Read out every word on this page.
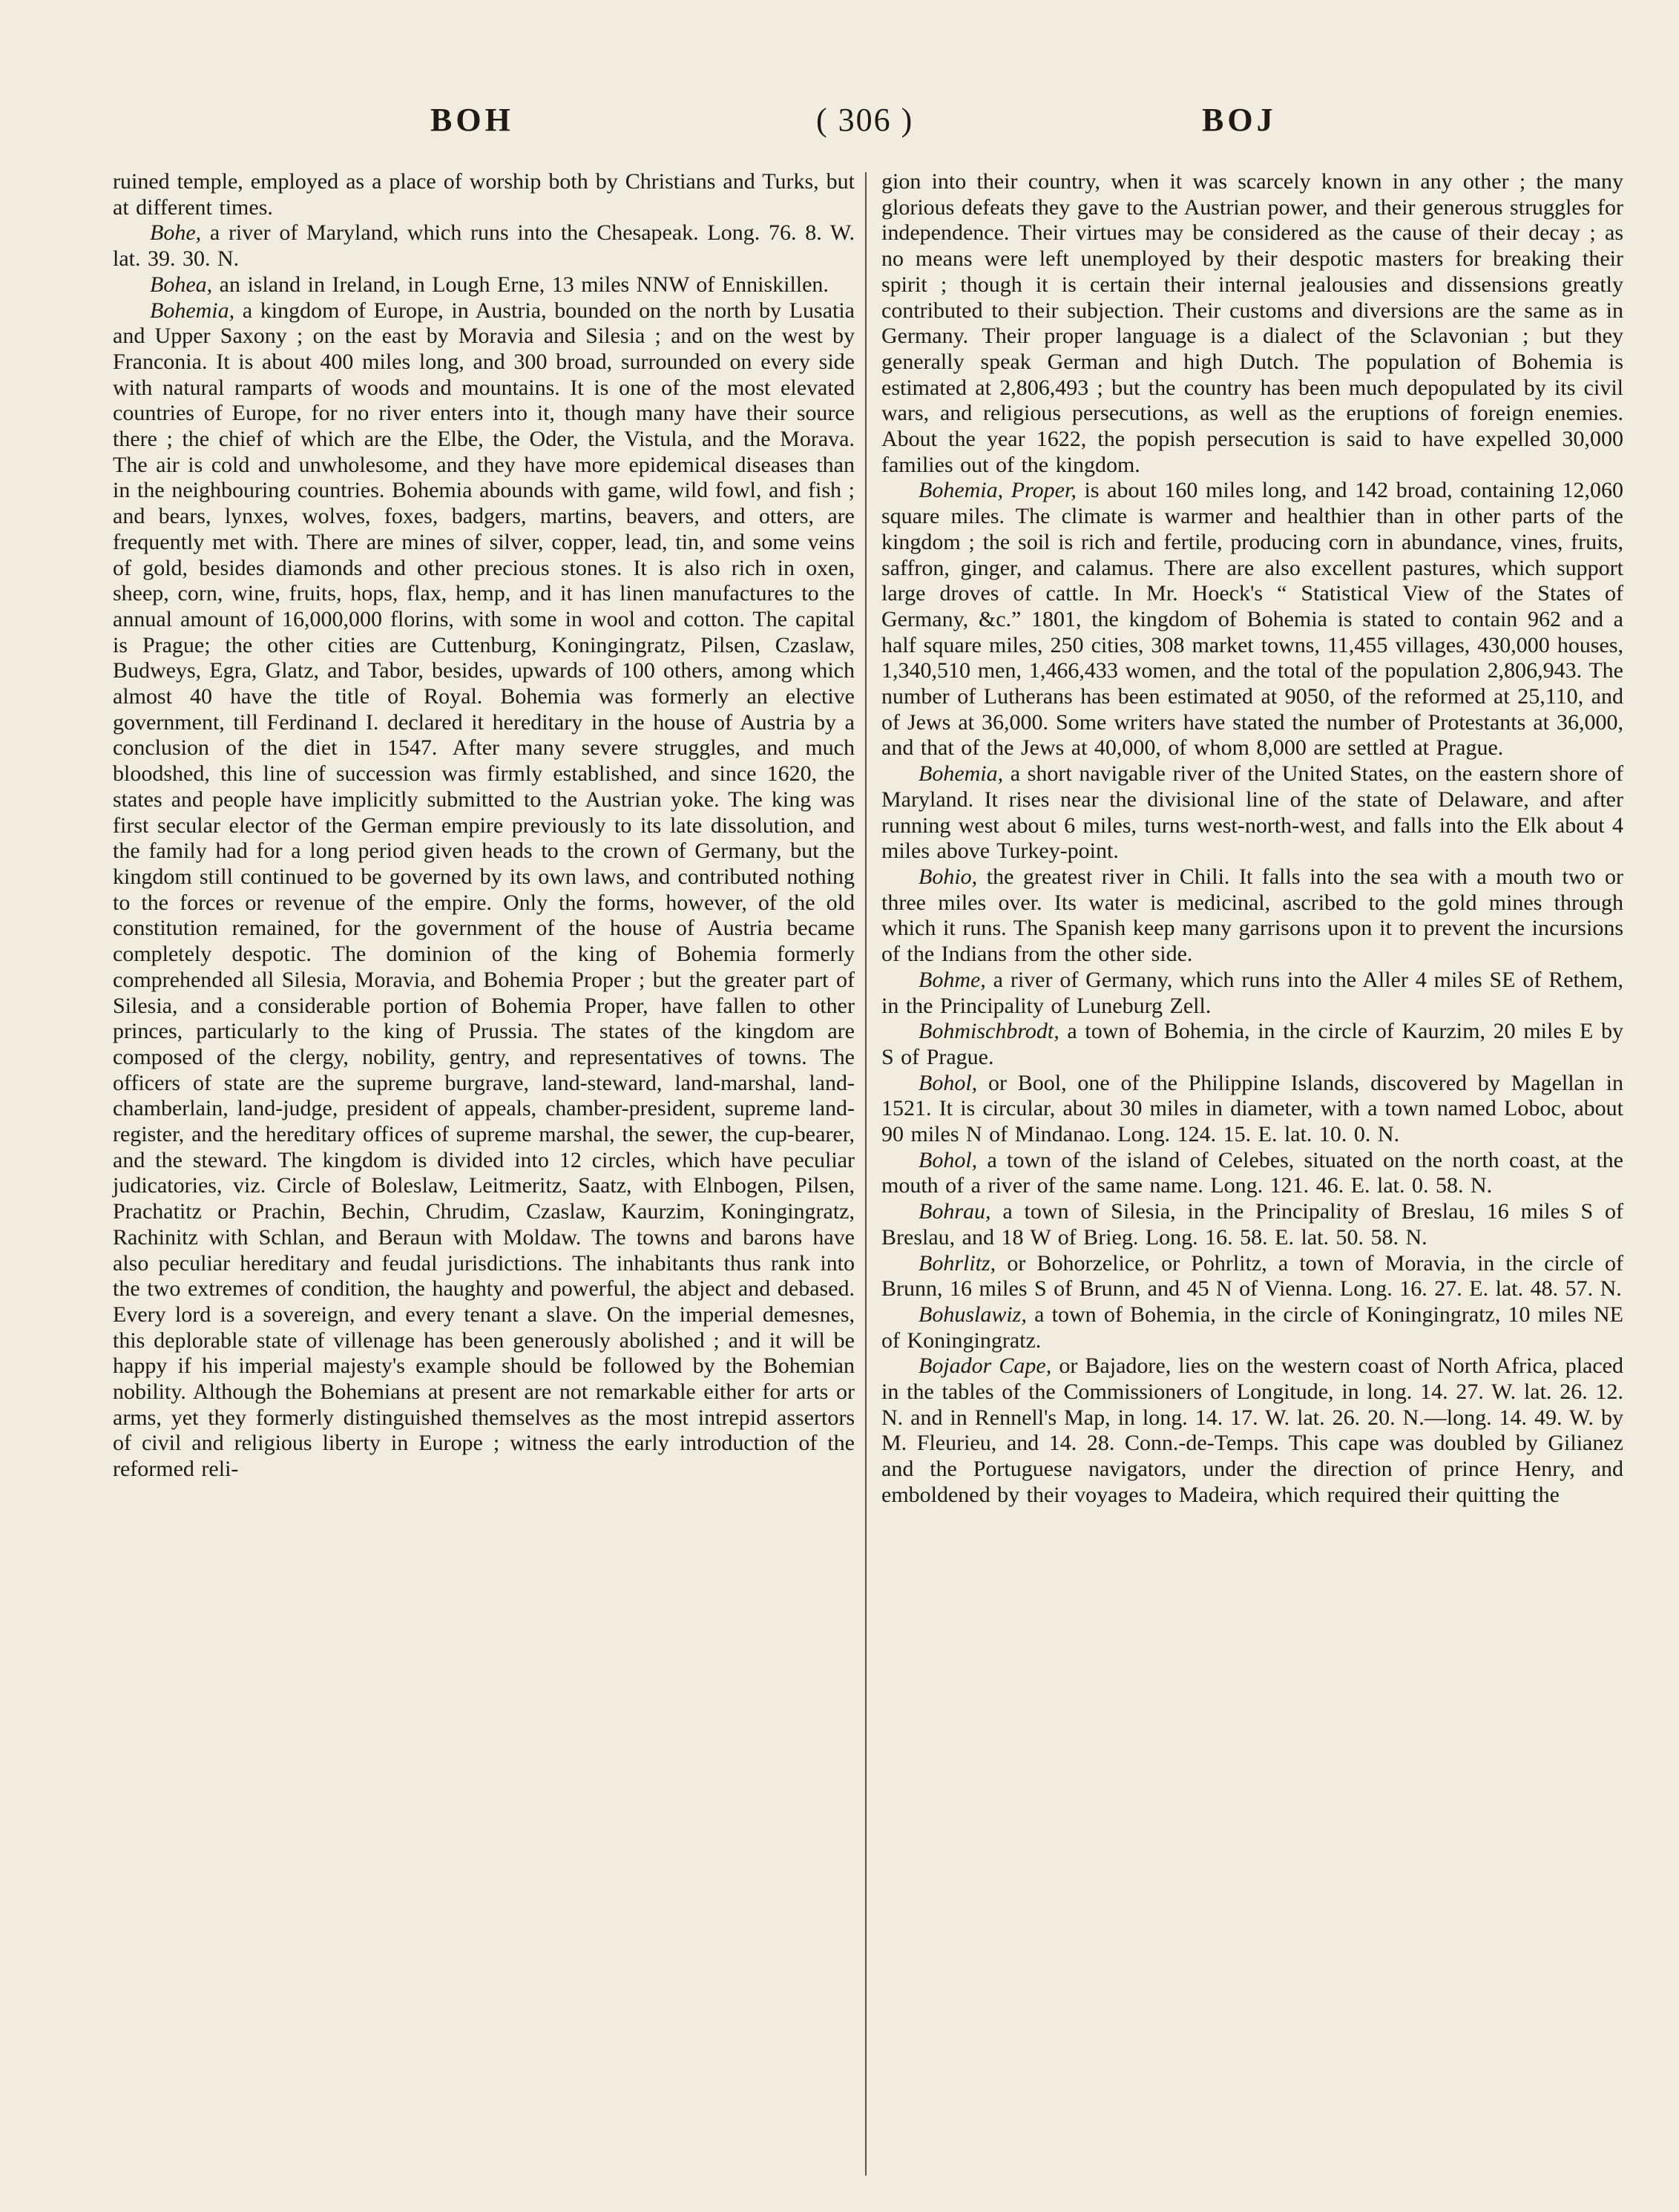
BOH	( 306 )	BOJ

ruined temple, employed as a place of worship both by Christians and Turks, but at different times.

Bohe, a river of Maryland, which runs into the Chesapeak. Long. 76. 8. W. lat. 39. 30. N.

Bohea, an island in Ireland, in Lough Erne, 13 miles NNW of Enniskillen.

Bohemia, a kingdom of Europe, in Austria, bounded on the north by Lusatia and Upper Saxony ; on the east by Moravia and Silesia ; and on the west by Franconia. It is about 400 miles long, and 300 broad, surrounded on every side with natural ramparts of woods and mountains. It is one of the most elevated countries of Europe, for no river enters into it, though many have their source there ; the chief of which are the Elbe, the Oder, the Vistula, and the Morava. The air is cold and unwholesome, and they have more epidemical diseases than in the neighbouring countries. Bohemia abounds with game, wild fowl, and fish ; and bears, lynxes, wolves, foxes, badgers, martins, beavers, and otters, are frequently met with. There are mines of silver, copper, lead, tin, and some veins of gold, besides diamonds and other precious stones. It is also rich in oxen, sheep, corn, wine, fruits, hops, flax, hemp, and it has linen manufactures to the annual amount of 16,000,000 florins, with some in wool and cotton. The capital is Prague; the other cities are Cuttenburg, Koningingratz, Pilsen, Czaslaw, Budweys, Egra, Glatz, and Tabor, besides, upwards of 100 others, among which almost 40 have the title of Royal. Bohemia was formerly an elective government, till Ferdinand I. declared it hereditary in the house of Austria by a conclusion of the diet in 1547. After many severe struggles, and much bloodshed, this line of succession was firmly established, and since 1620, the states and people have implicitly submitted to the Austrian yoke. The king was first secular elector of the German empire previously to its late dissolution, and the family had for a long period given heads to the crown of Germany, but the kingdom still continued to be governed by its own laws, and contributed nothing to the forces or revenue of the empire. Only the forms, however, of the old constitution remained, for the government of the house of Austria became completely despotic. The dominion of the king of Bohemia formerly comprehended all Silesia, Moravia, and Bohemia Proper ; but the greater part of Silesia, and a considerable portion of Bohemia Proper, have fallen to other princes, particularly to the king of Prussia. The states of the kingdom are composed of the clergy, nobility, gentry, and representatives of towns. The officers of state are the supreme burgrave, land-steward, land-marshal, land-chamberlain, land-judge, president of appeals, chamber-president, supreme land-register, and the hereditary offices of supreme marshal, the sewer, the cup-bearer, and the steward. The kingdom is divided into 12 circles, which have peculiar judicatories, viz. Circle of Boleslaw, Leitmeritz, Saatz, with Elnbogen, Pilsen, Prachatitz or Prachin, Bechin, Chrudim, Czaslaw, Kaurzim, Koningingratz, Rachinitz with Schlan, and Beraun with Moldaw. The towns and barons have also peculiar hereditary and feudal jurisdictions. The inhabitants thus rank into the two extremes of condition, the haughty and powerful, the abject and debased. Every lord is a sovereign, and every tenant a slave. On the imperial demesnes, this deplorable state of villenage has been generously abolished ; and it will be happy if his imperial majesty's example should be followed by the Bohemian nobility. Although the Bohemians at present are not remarkable either for arts or arms, yet they formerly distinguished themselves as the most intrepid assertors of civil and religious liberty in Europe ; witness the early introduction of the reformed reli-

gion into their country, when it was scarcely known in any other ; the many glorious defeats they gave to the Austrian power, and their generous struggles for independence. Their virtues may be considered as the cause of their decay ; as no means were left unemployed by their despotic masters for breaking their spirit ; though it is certain their internal jealousies and dissensions greatly contributed to their subjection. Their customs and diversions are the same as in Germany. Their proper language is a dialect of the Sclavonian ; but they generally speak German and high Dutch. The population of Bohemia is estimated at 2,806,493 ; but the country has been much depopulated by its civil wars, and religious persecutions, as well as the eruptions of foreign enemies. About the year 1622, the popish persecution is said to have expelled 30,000 families out of the kingdom.

Bohemia, Proper, is about 160 miles long, and 142 broad, containing 12,060 square miles. The climate is warmer and healthier than in other parts of the kingdom ; the soil is rich and fertile, producing corn in abundance, vines, fruits, saffron, ginger, and calamus. There are also excellent pastures, which support large droves of cattle. In Mr. Hoeck's “ Statistical View of the States of Germany, &c.” 1801, the kingdom of Bohemia is stated to contain 962 and a half square miles, 250 cities, 308 market towns, 11,455 villages, 430,000 houses, 1,340,510 men, 1,466,433 women, and the total of the population 2,806,943. The number of Lutherans has been estimated at 9050, of the reformed at 25,110, and of Jews at 36,000. Some writers have stated the number of Protestants at 36,000, and that of the Jews at 40,000, of whom 8,000 are settled at Prague.

Bohemia, a short navigable river of the United States, on the eastern shore of Maryland. It rises near the divisional line of the state of Delaware, and after running west about 6 miles, turns west-north-west, and falls into the Elk about 4 miles above Turkey-point.

Bohio, the greatest river in Chili. It falls into the sea with a mouth two or three miles over. Its water is medicinal, ascribed to the gold mines through which it runs. The Spanish keep many garrisons upon it to prevent the incursions of the Indians from the other side.

Bohme, a river of Germany, which runs into the Aller 4 miles SE of Rethem, in the Principality of Luneburg Zell.

Bohmischbrodt, a town of Bohemia, in the circle of Kaurzim, 20 miles E by S of Prague.

Bohol, or Bool, one of the Philippine Islands, discovered by Magellan in 1521. It is circular, about 30 miles in diameter, with a town named Loboc, about 90 miles N of Mindanao. Long. 124. 15. E. lat. 10. 0. N.

Bohol, a town of the island of Celebes, situated on the north coast, at the mouth of a river of the same name. Long. 121. 46. E. lat. 0. 58. N.

Bohrau, a town of Silesia, in the Principality of Breslau, 16 miles S of Breslau, and 18 W of Brieg. Long. 16. 58. E. lat. 50. 58. N.

Bohrlitz, or Bohorzelice, or Pohrlitz, a town of Moravia, in the circle of Brunn, 16 miles S of Brunn, and 45 N of Vienna. Long. 16. 27. E. lat. 48. 57. N.

Bohuslawiz, a town of Bohemia, in the circle of Koningingratz, 10 miles NE of Koningingratz.

Bojador Cape, or Bajadore, lies on the western coast of North Africa, placed in the tables of the Commissioners of Longitude, in long. 14. 27. W. lat. 26. 12. N. and in Rennell's Map, in long. 14. 17. W. lat. 26. 20. N.—long. 14. 49. W. by M. Fleurieu, and 14. 28. Conn.-de-Temps. This cape was doubled by Gilianez and the Portuguese navigators, under the direction of prince Henry, and emboldened by their voyages to Madeira, which required their quitting the
